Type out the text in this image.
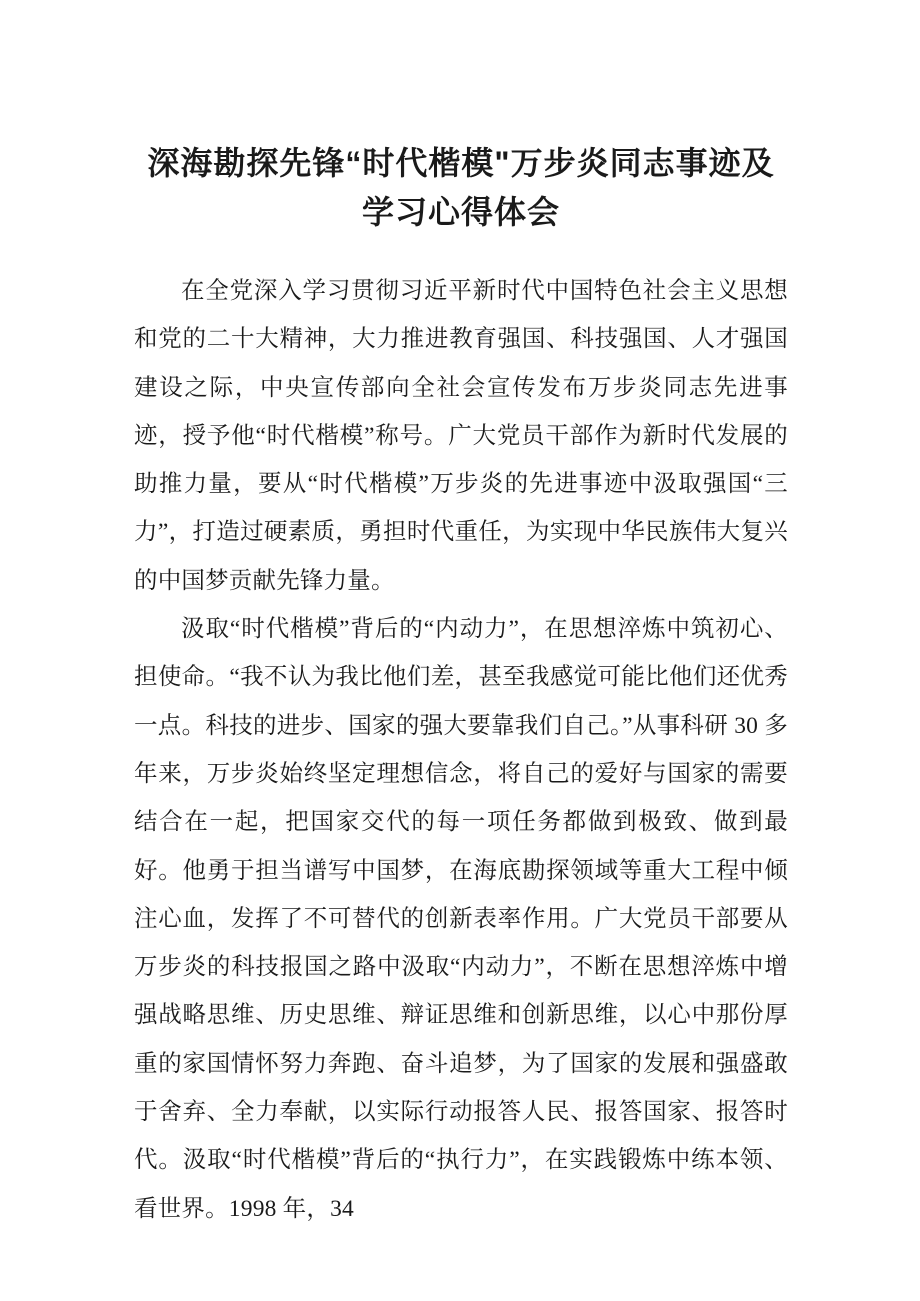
深海勘探先锋“时代楷模"万步炎同志事迹及学习心得体会

在全党深入学习贯彻习近平新时代中国特色社会主义思想和党的二十大精神，大力推进教育强国、科技强国、人才强国建设之际，中央宣传部向全社会宣传发布万步炎同志先进事迹，授予他“时代楷模”称号。广大党员干部作为新时代发展的助推力量，要从“时代楷模”万步炎的先进事迹中汲取强国“三力”，打造过硬素质，勇担时代重任，为实现中华民族伟大复兴的中国梦贡献先锋力量。

汲取“时代楷模”背后的“内动力”，在思想淬炼中筑初心、担使命。“我不认为我比他们差，甚至我感觉可能比他们还优秀一点。科技的进步、国家的强大要靠我们自己。”从事科研 30 多年来，万步炎始终坚定理想信念，将自己的爱好与国家的需要结合在一起，把国家交代的每一项任务都做到极致、做到最好。他勇于担当谱写中国梦，在海底勘探领域等重大工程中倾注心血，发挥了不可替代的创新表率作用。广大党员干部要从万步炎的科技报国之路中汲取“内动力”，不断在思想淬炼中增强战略思维、历史思维、辩证思维和创新思维，以心中那份厚重的家国情怀努力奔跑、奋斗追梦，为了国家的发展和强盛敢于舍弃、全力奉献，以实际行动报答人民、报答国家、报答时代。汲取“时代楷模”背后的“执行力”，在实践锻炼中练本领、看世界。1998 年，34
